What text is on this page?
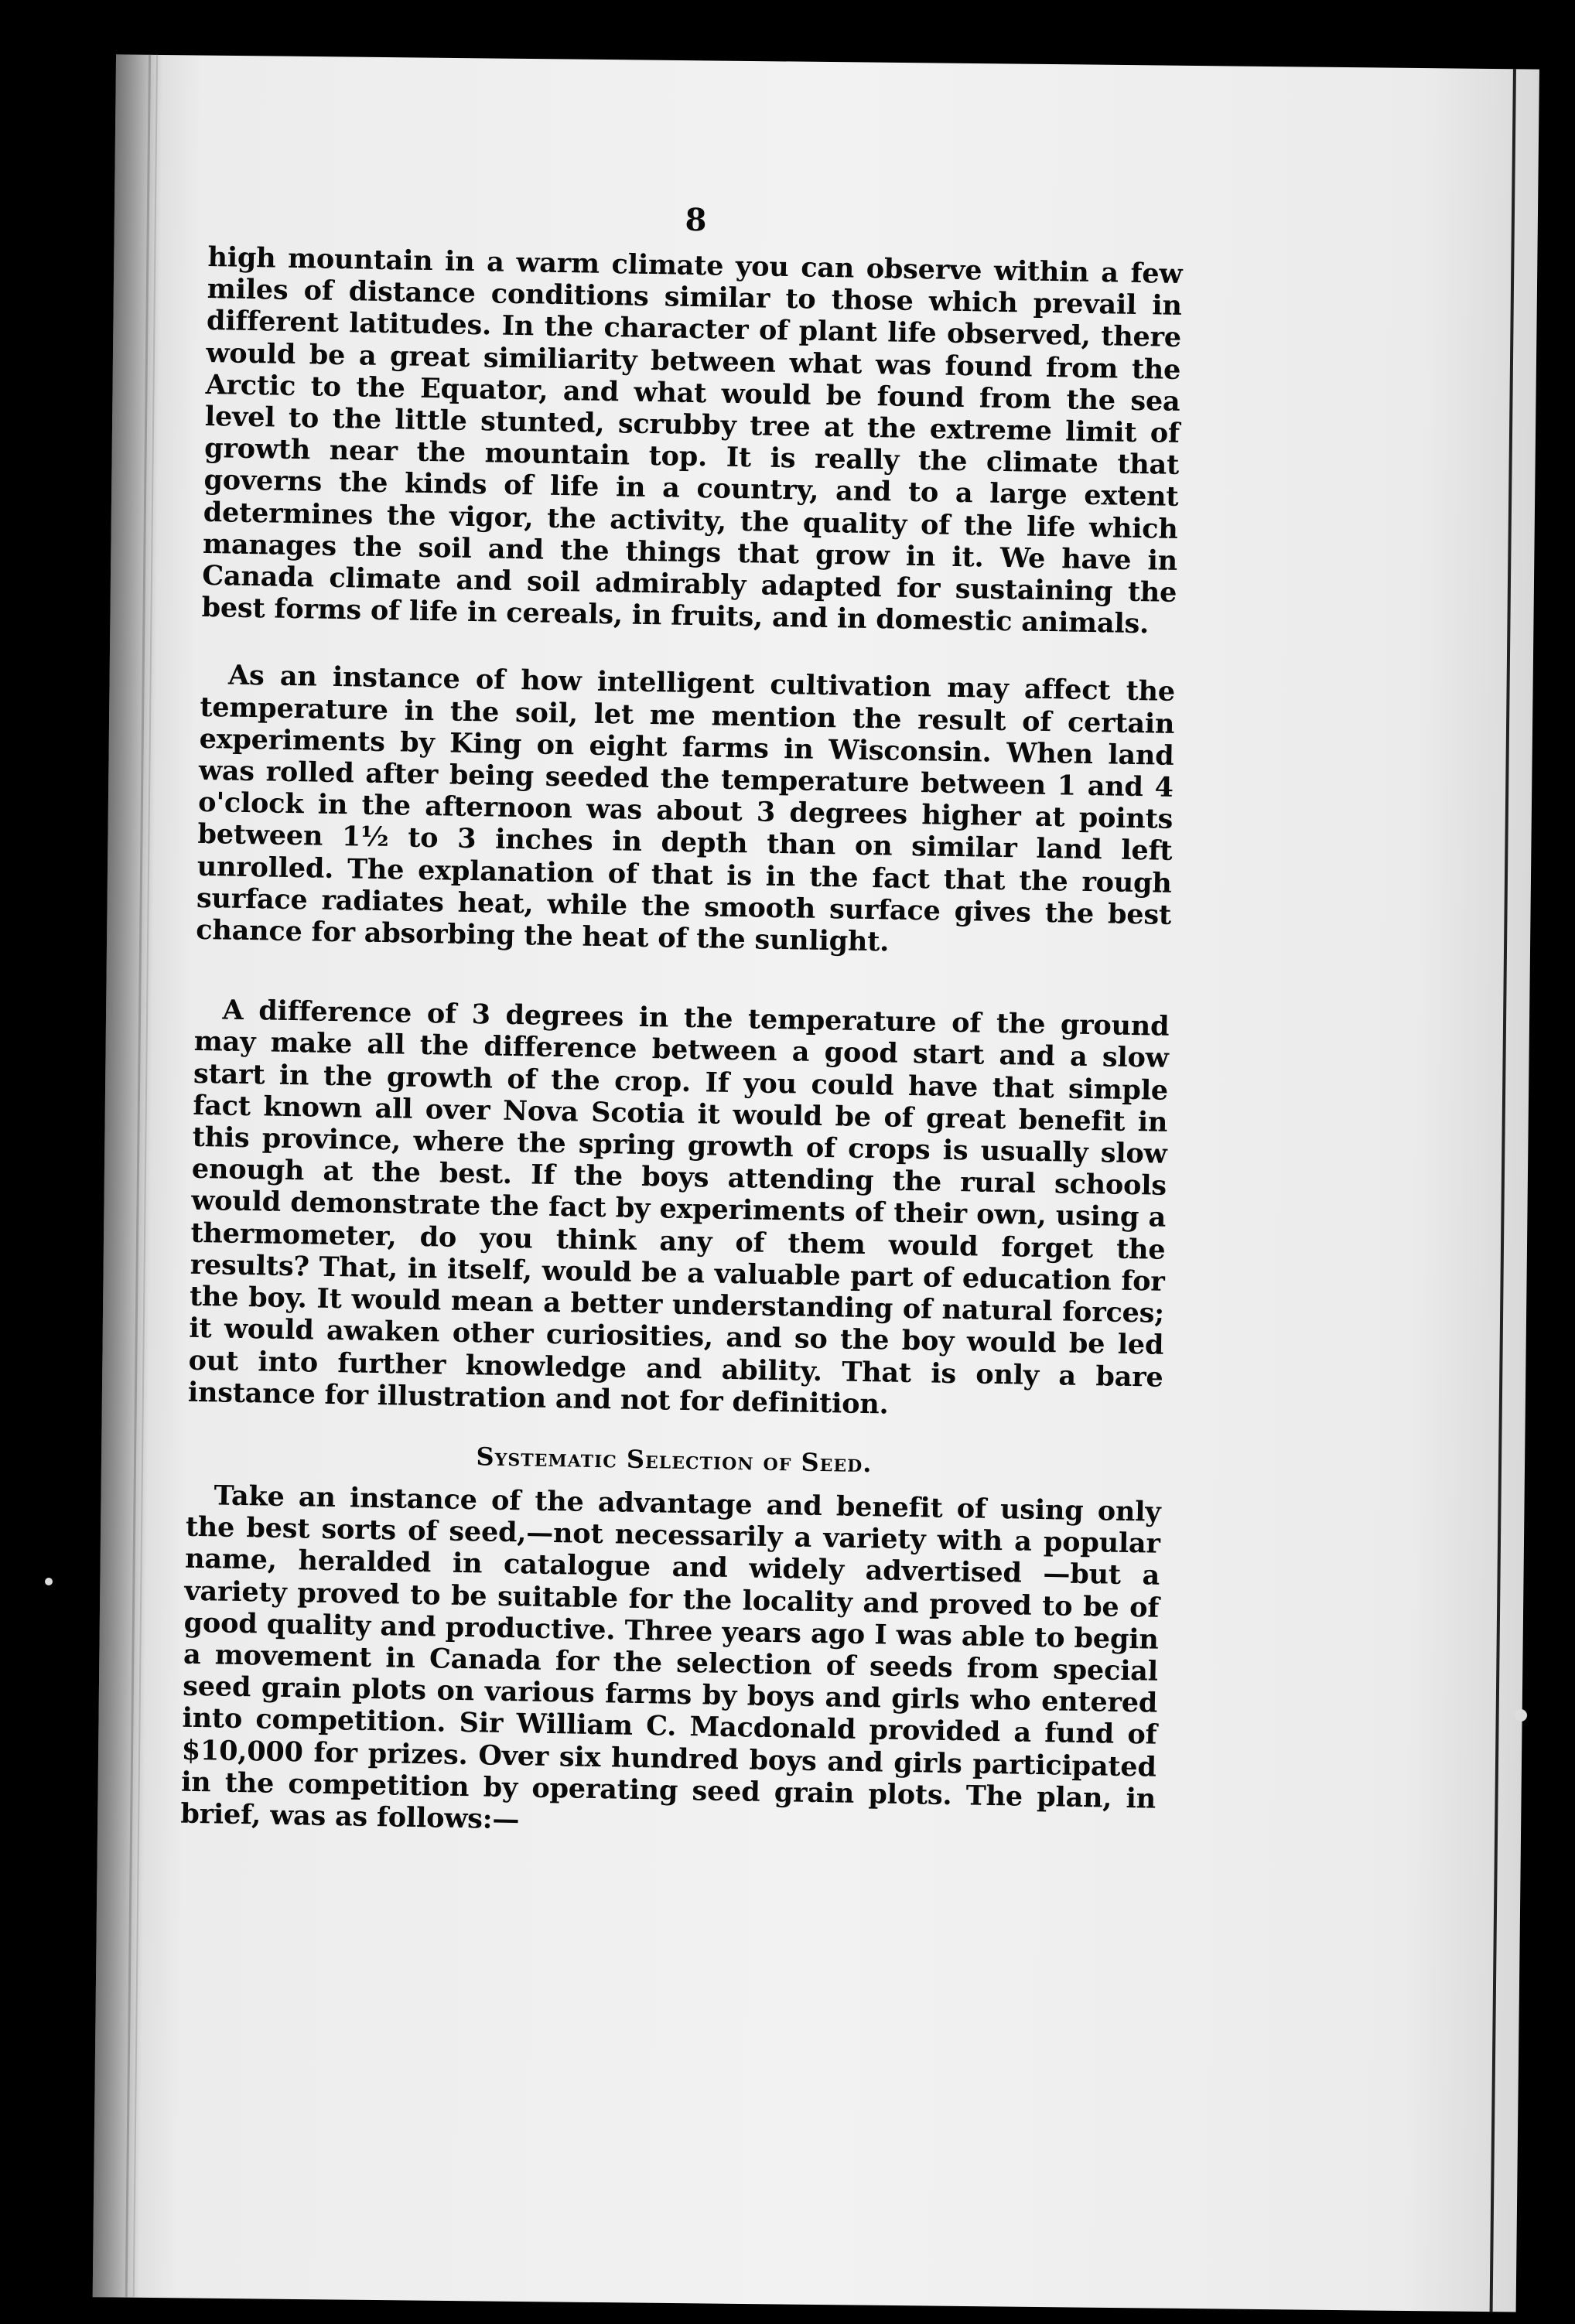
8

high mountain in a warm climate you can observe within a few miles of distance conditions similar to those which prevail in different latitudes. In the character of plant life observed, there would be a great similiarity between what was found from the Arctic to the Equator, and what would be found from the sea level to the little stunted, scrubby tree at the extreme limit of growth near the mountain top. It is really the climate that governs the kinds of life in a country, and to a large extent determines the vigor, the activity, the quality of the life which manages the soil and the things that grow in it. We have in Canada climate and soil admirably adapted for sustaining the best forms of life in cereals, in fruits, and in domestic animals.

As an instance of how intelligent cultivation may affect the temperature in the soil, let me mention the result of certain experiments by King on eight farms in Wisconsin. When land was rolled after being seeded the temperature between 1 and 4 o'clock in the afternoon was about 3 degrees higher at points between 1½ to 3 inches in depth than on similar land left unrolled. The explanation of that is in the fact that the rough surface radiates heat, while the smooth surface gives the best chance for absorbing the heat of the sunlight.

A difference of 3 degrees in the temperature of the ground may make all the difference between a good start and a slow start in the growth of the crop. If you could have that simple fact known all over Nova Scotia it would be of great benefit in this province, where the spring growth of crops is usually slow enough at the best. If the boys attending the rural schools would demonstrate the fact by experiments of their own, using a thermometer, do you think any of them would forget the results? That, in itself, would be a valuable part of education for the boy. It would mean a better understanding of natural forces; it would awaken other curiosities, and so the boy would be led out into further knowledge and ability. That is only a bare instance for illustration and not for definition.

Systematic Selection of Seed.

Take an instance of the advantage and benefit of using only the best sorts of seed,—not necessarily a variety with a popular name, heralded in catalogue and widely advertised —but a variety proved to be suitable for the locality and proved to be of good quality and productive. Three years ago I was able to begin a movement in Canada for the selection of seeds from special seed grain plots on various farms by boys and girls who entered into competition. Sir William C. Macdonald provided a fund of $10,000 for prizes. Over six hundred boys and girls participated in the competition by operating seed grain plots. The plan, in brief, was as follows:—
